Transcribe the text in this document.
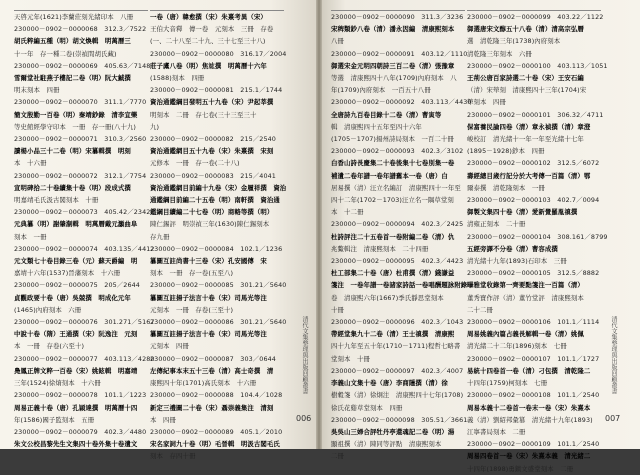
天啓元年(1621)李蘭莊刻光緒印本　八冊
230000－0902－0000068　312.3／7522
胡氏粹編五種（明）胡文煥輯　明萬曆三
十一年　存一種二卷(崇禎間胡氏藏)
230000－0902－0000069　405.63／7148
雪爾堂社駐燕子樓記二卷（明）阮大鋮撰
明末刻本　四冊
230000－0902－0000070　311.1／7770
簡文殷勤一百卷（明）秦靖鈔錄　清李宜樂
等史館經學守印本　一冊　存一冊(八十九)
230000－0902－0000071　310.3／2560
讀楊小品三十二卷（明）宋纂輯撰　明刻
本　十六冊
230000－0902－0000072　312.1／7754
宣明碑拾二十卷續集十卷（明）段成式撰
明嘉靖毛氏汲古閣刻本　十冊
230000－0902－0000073　405.42／2342
元典纂（明）謝肇淛輯　明萬曆戴元灝曲阜
刻本　一冊
230000－0902－0000074　403.135／4412
元文類七十卷目錄三卷（元）蘇天爵編　明
嘉靖十六年(1537)晉藩刻本　十六冊
230000－0902－0000075　205／2644
貞觀政要十卷（唐）吳兢撰　明成化元年
(1465)內府刻本　六冊
230000－0902－0000076　301.271／5167
中說十卷（隋）王通撰（宋）阮逸注　元刻
本　一冊　存卷(六至十)
230000－0902－0000077　403.113／4280
鳧鳳正牌文粹一百卷（宋）姚鉉輯　明嘉靖
三年(1524)徐焴刻本　十六冊
230000－0902－0000078　101.1／1223
周易正義十卷（唐）孔穎達撰　明萬曆十四
年(1586)國子監刻本　五冊
230000－0902－0000079　402.3／4480
朱文公校昌黎先生文集四十卷外集十卷遺文
一卷（唐）韓愈撰（宋）朱熹考異（宋）
王伯大音釋　傳一卷　元刻本　三冊　存卷
(一、二十八至二十九、三十七至三十八)
230000－0902－0000080　316.17／2004
莊子鬳八卷（明）焦竑撰　明萬曆十六年
(1588)刻本　四冊
230000－0902－0000081　215.1／1744
資治通鑑綱目發明五十九卷（宋）尹起莘撰
明刻本　二冊　存七卷(三十三至三十
九)
230000－0902－0000082　215／2540
資治通鑑網目五十九卷（宋）朱熹撰　宋刻
元修本　一冊　存一卷(二十八)
230000－0902－0000083　215／4041
資治通鑑網目前編十九卷（宋）金履祥撰　資治
通鑑綱目前編二十五卷（明）南軒撰　資治通
鑑綱目續編二十七卷（明）商輅等撰（明）
陳仁錫評　明崇禎三年(1630)陳仁錫刻本
存九冊
230000－0902－0000084　102.1／1236
纂圖互註尚書十三卷（宋）孔安國傳　宋
刻本　一冊　存一卷(五至八)
230000－0902－0000085　301.21／5640
纂圖互註揚子法言十卷（宋）司馬光等注
元刻本　一冊　存卷(三至十)
230000－0902－0000086　301.21／5640
纂圖互註揚子法言十卷（宋）司馬光等注
元刻本　四冊
230000－0902－0000087　303／0644
左傳紀事本末五十三卷（清）高士奇撰　清
康熙四十年(1701)高氏刻本　十六冊
230000－0902－0000088　104.4／1028
新定三禮圖二十卷（宋）聶崇義集注　清刻
本　四冊
230000－0902－0000089　405.1／2010
宋名家詞九十卷（明）毛晉輯　明汲古閣毛氏
刻本　存四十冊
230000－0902－0000090　311.3／3236
宋稗類鈔八卷（清）潘永因編　清康熙刻本
八冊
230000－0902－0000091　403.12／1110
御選宋金元明四朝詩三百二卷（清）張豫章
等選　清康熙四十八年(1709)內府刻本　八
年(1709)內府刻本　一百五十八冊
230000－0902－0000092　403.113／4430
全唐詩九百卷目錄十二卷（清）曹寅等
輯　清康熙四十五年至四十六年
(1705－1707)揚州詩局刻本　一百二十冊
230000－0902－0000093　402.3／3102
白香山詩長慶集二十卷後集十七卷別集一卷
補遺二卷年譜一卷年譜舊本一卷（唐）白
居易撰（清）汪立名編訂　清康熙四十一年至
四十二年(1702－1703)汪立名一隅草堂刻
本　十二冊
230000－0902－0000094　402.3／2425
杜詩評注二十五卷首一卷附編二卷（清）仇
兆鰲輯注　清康熙刻本　二十四冊
230000－0902－0000095　402.3／4423
杜工部集二十卷（唐）杜甫撰（清）錢謙益
箋注　一卷年譜一卷諸家詩話一卷唱酬題詠附錄一
卷　清康熙六年(1667)季氏靜思堂刻本
十冊
230000－0902－0000096　402.3／1043
帶經堂集九十二卷（清）王士禛撰　清康熙
四十九年至五十年(1710－1711)程哲七略書
堂刻本　十冊
230000－0902－0000097　402.3／4007
李義山文集十卷（唐）李商隱撰（清）徐
樹穀箋（清）徐炯注　清康熙四十七年(1708)
徐氏花谿草堂刻本　四冊
230000－0902－0000098　305.51／3661
吳吳山三婦合評牡丹亭還魂記二卷（明）湯
顯祖撰（清）陳同等評點　清康熙刻本
二冊
230000－0902－0000099　403.22／1122
御選唐宋文醇五十八卷（清）清高宗弘曆
選　清乾隆三年(1738)內府刻本
清乾隆三年刻本　六冊
230000－0902－0000100　403.113／1051
王荊公唐百家詩選二十卷（宋）王安石編
（清）宋犖刻　清康熙四十三年(1704)宋
犖刻本　四冊
230000－0902－0000101　306.32／4711
保富養民論四卷（清）章永禎撰（清）章澄
峻校訂　清光緒十一年一年至光緒十七年
(1895－1928)鈔本　四冊
230000－0902－0000102　312.5／6072
壽經總目歲行記分於大考傳一百篇（清）鄂
爾泰撰　清乾隆刻本　一冊
230000－0902－0000103　402.7／0094
御製文集四十卷（清）愛新覺羅胤禛撰
清雍正刻本　二十冊
230000－0902－0000104　308.161／8799
五經旁譯不分卷（清）曹容成撰
清光緒十九年(1893)石印本　三冊
230000－0902－0000105　312.5／8882
曝雅堂收錄第一齊要點箋注一百篇（清）
董秀寶作評（清）董竹堂評　清康熙刻本
二十二冊
230000－0902－0000106　101.1／1114
周易姚義內篇占義長解輯一卷（清）姚佩
清光緒二十二年(1896)刻本　七冊
230000－0902－0000107　101.1／1727
易統十四卷首一卷（清）刁包撰　清乾隆二
十四年(1759)柯刻本　七冊
230000－0902－0000108　101.1／2540
周易本義十二卷首一卷末一卷（宋）朱熹本
義（清）劉紹邦彙纂　清光緒十九年(1893)
江寧書局刻本　二冊
230000－0902－0000109　101.1／2540
周易四卷首一卷（宋）朱熹本義　清光緒二
十四年(1898)勇鎮文盛堂刻本　二冊
清代文集整理與出版回顧叢書	清代文集整理與出版回顧叢書
006	007
